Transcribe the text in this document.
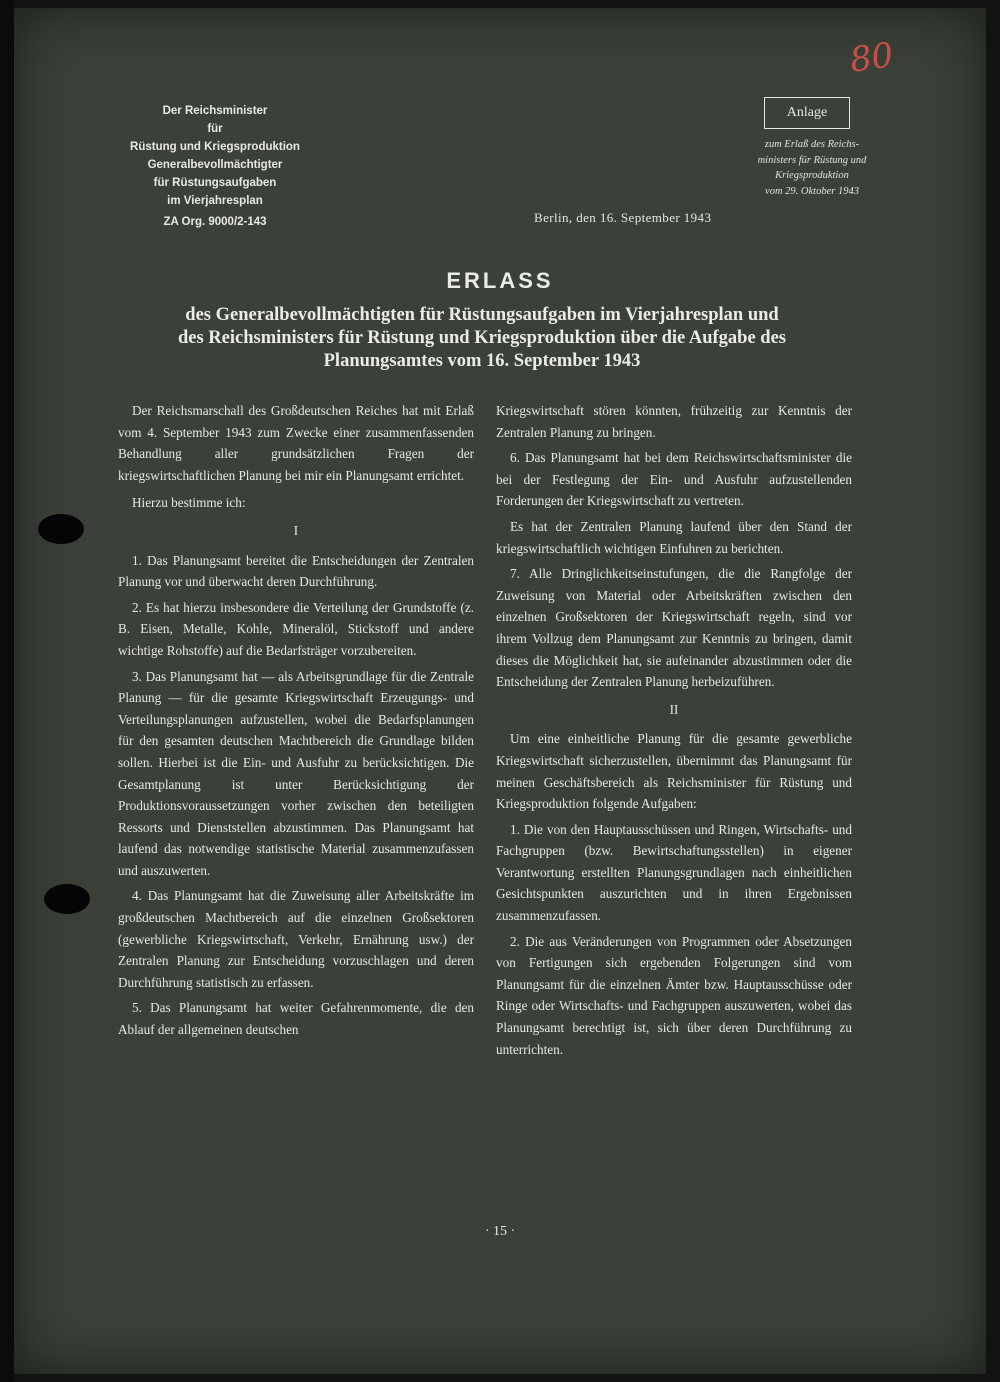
Der Reichsminister
für
Rüstung und Kriegsproduktion
Generalbevollmächtigter
für Rüstungsaufgaben
im Vierjahresplan
ZA Org. 9000/2-143
80
Anlage
zum Erlaß des Reichs-
ministers für Rüstung und
Kriegsproduktion
vom 29. Oktober 1943
Berlin, den 16. September 1943
ERLASS
des Generalbevollmächtigten für Rüstungsaufgaben im Vierjahresplan und
des Reichsministers für Rüstung und Kriegsproduktion über die Aufgabe des
Planungsamtes vom 16. September 1943

Der Reichsmarschall des Großdeutschen Reiches hat mit Erlaß vom 4. September 1943 zum Zwecke einer zusammenfassenden Behandlung aller grundsätzlichen Fragen der kriegswirtschaftlichen Planung bei mir ein Planungsamt errichtet.

Hierzu bestimme ich:

I

1. Das Planungsamt bereitet die Entscheidungen der Zentralen Planung vor und überwacht deren Durchführung.

2. Es hat hierzu insbesondere die Verteilung der Grundstoffe (z. B. Eisen, Metalle, Kohle, Mineralöl, Stickstoff und andere wichtige Rohstoffe) auf die Bedarfsträger vorzubereiten.

3. Das Planungsamt hat — als Arbeitsgrundlage für die Zentrale Planung — für die gesamte Kriegswirtschaft Erzeugungs- und Verteilungsplanungen aufzustellen, wobei die Bedarfsplanungen für den gesamten deutschen Machtbereich die Grundlage bilden sollen. Hierbei ist die Ein- und Ausfuhr zu berücksichtigen. Die Gesamtplanung ist unter Berücksichtigung der Produktionsvoraussetzungen vorher zwischen den beteiligten Ressorts und Dienststellen abzustimmen. Das Planungsamt hat laufend das notwendige statistische Material zusammenzufassen und auszuwerten.

4. Das Planungsamt hat die Zuweisung aller Arbeitskräfte im großdeutschen Machtbereich auf die einzelnen Großsektoren (gewerbliche Kriegswirtschaft, Verkehr, Ernährung usw.) der Zentralen Planung zur Entscheidung vorzuschlagen und deren Durchführung statistisch zu erfassen.

5. Das Planungsamt hat weiter Gefahrenmomente, die den Ablauf der allgemeinen deutschen

Kriegswirtschaft stören könnten, frühzeitig zur Kenntnis der Zentralen Planung zu bringen.

6. Das Planungsamt hat bei dem Reichswirtschaftsminister die bei der Festlegung der Ein- und Ausfuhr aufzustellenden Forderungen der Kriegswirtschaft zu vertreten.

Es hat der Zentralen Planung laufend über den Stand der kriegswirtschaftlich wichtigen Einfuhren zu berichten.

7. Alle Dringlichkeitseinstufungen, die die Rangfolge der Zuweisung von Material oder Arbeitskräften zwischen den einzelnen Großsektoren der Kriegswirtschaft regeln, sind vor ihrem Vollzug dem Planungsamt zur Kenntnis zu bringen, damit dieses die Möglichkeit hat, sie aufeinander abzustimmen oder die Entscheidung der Zentralen Planung herbeizuführen.

II

Um eine einheitliche Planung für die gesamte gewerbliche Kriegswirtschaft sicherzustellen, übernimmt das Planungsamt für meinen Geschäftsbereich als Reichsminister für Rüstung und Kriegsproduktion folgende Aufgaben:

1. Die von den Hauptausschüssen und Ringen, Wirtschafts- und Fachgruppen (bzw. Bewirtschaftungsstellen) in eigener Verantwortung erstellten Planungsgrundlagen nach einheitlichen Gesichtspunkten auszurichten und in ihren Ergebnissen zusammenzufassen.

2. Die aus Veränderungen von Programmen oder Absetzungen von Fertigungen sich ergebenden Folgerungen sind vom Planungsamt für die einzelnen Ämter bzw. Hauptausschüsse oder Ringe oder Wirtschafts- und Fachgruppen auszuwerten, wobei das Planungsamt berechtigt ist, sich über deren Durchführung zu unterrichten.

· 15 ·
